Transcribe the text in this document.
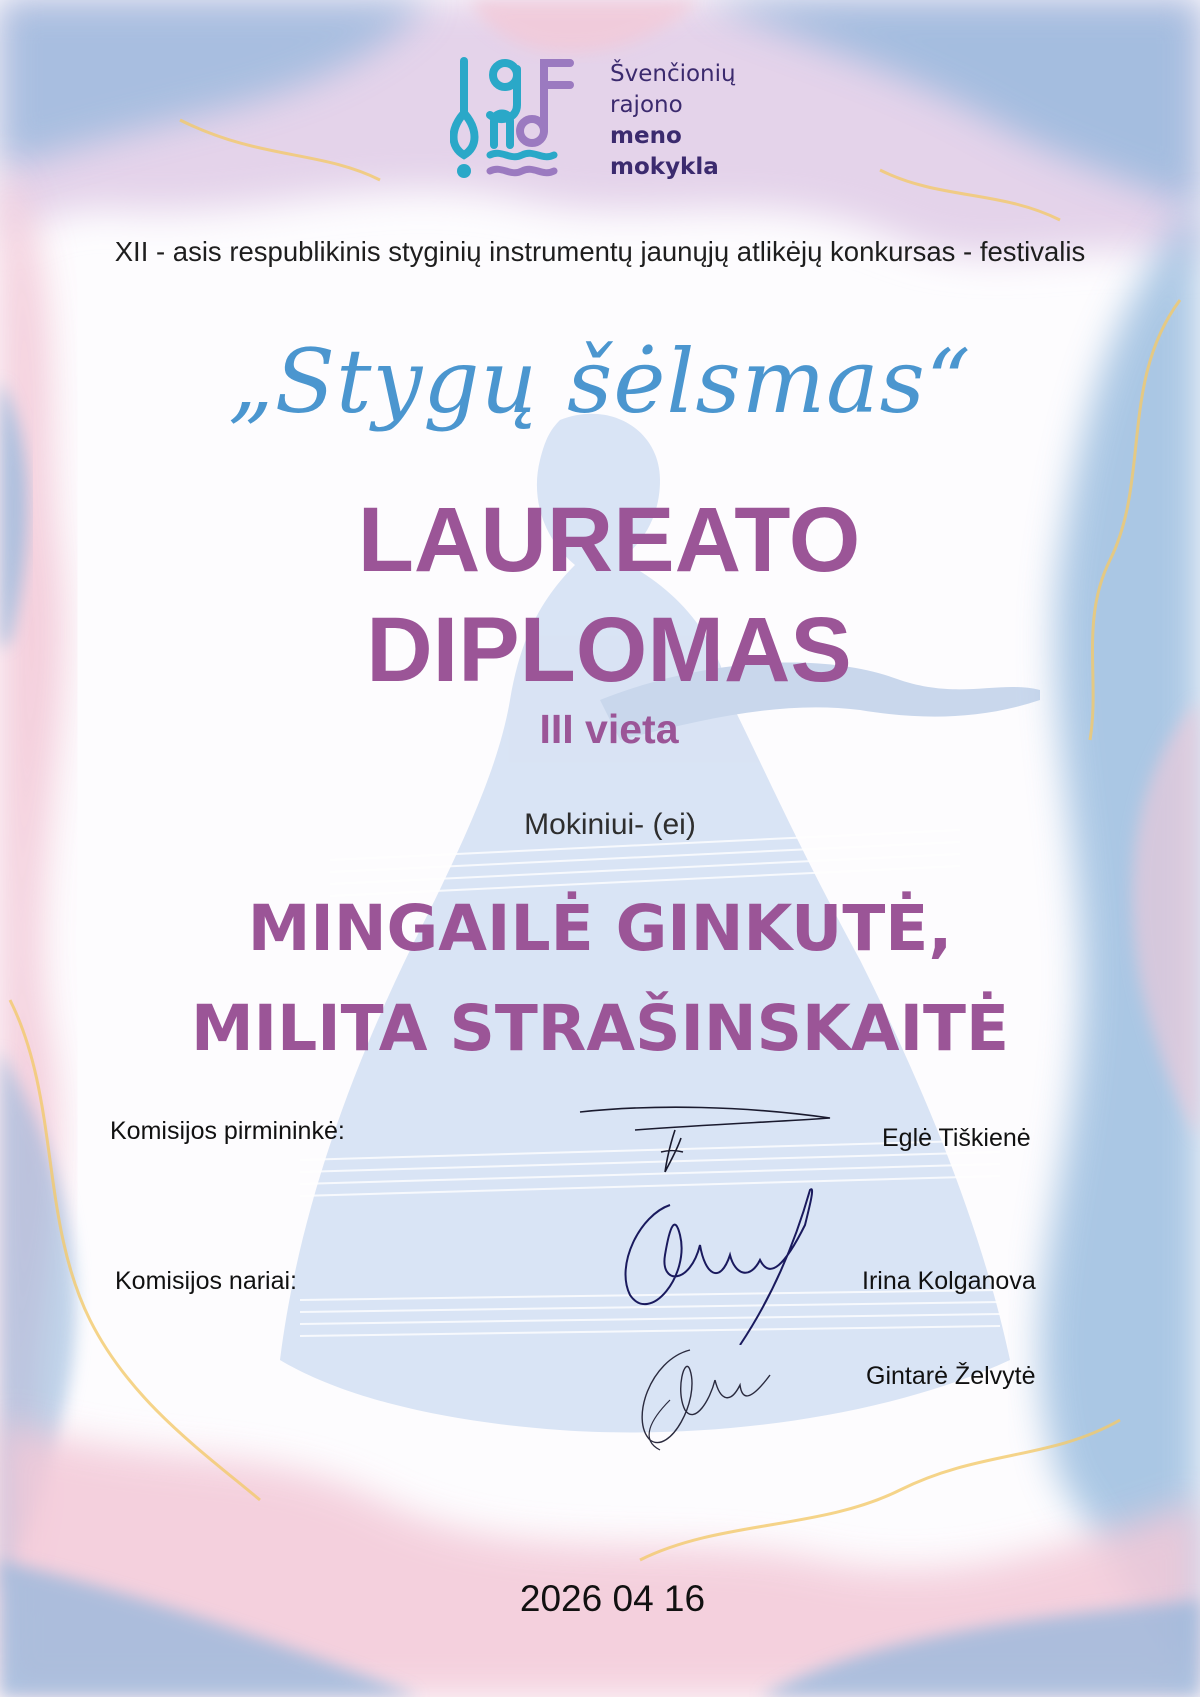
Švenčionių
rajono
meno
mokykla
XII - asis respublikinis styginių instrumentų jaunųjų atlikėjų konkursas - festivalis
„Stygų šėlsmas“
LAUREATO
DIPLOMAS
III vieta
Mokiniui- (ei)
MINGAILĖ GINKUTĖ,
MILITA STRAŠINSKAITĖ
Komisijos pirmininkė:	Eglė Tiškienė
Komisijos nariai:	Irina Kolganova
Gintarė Želvytė
2026 04 16
